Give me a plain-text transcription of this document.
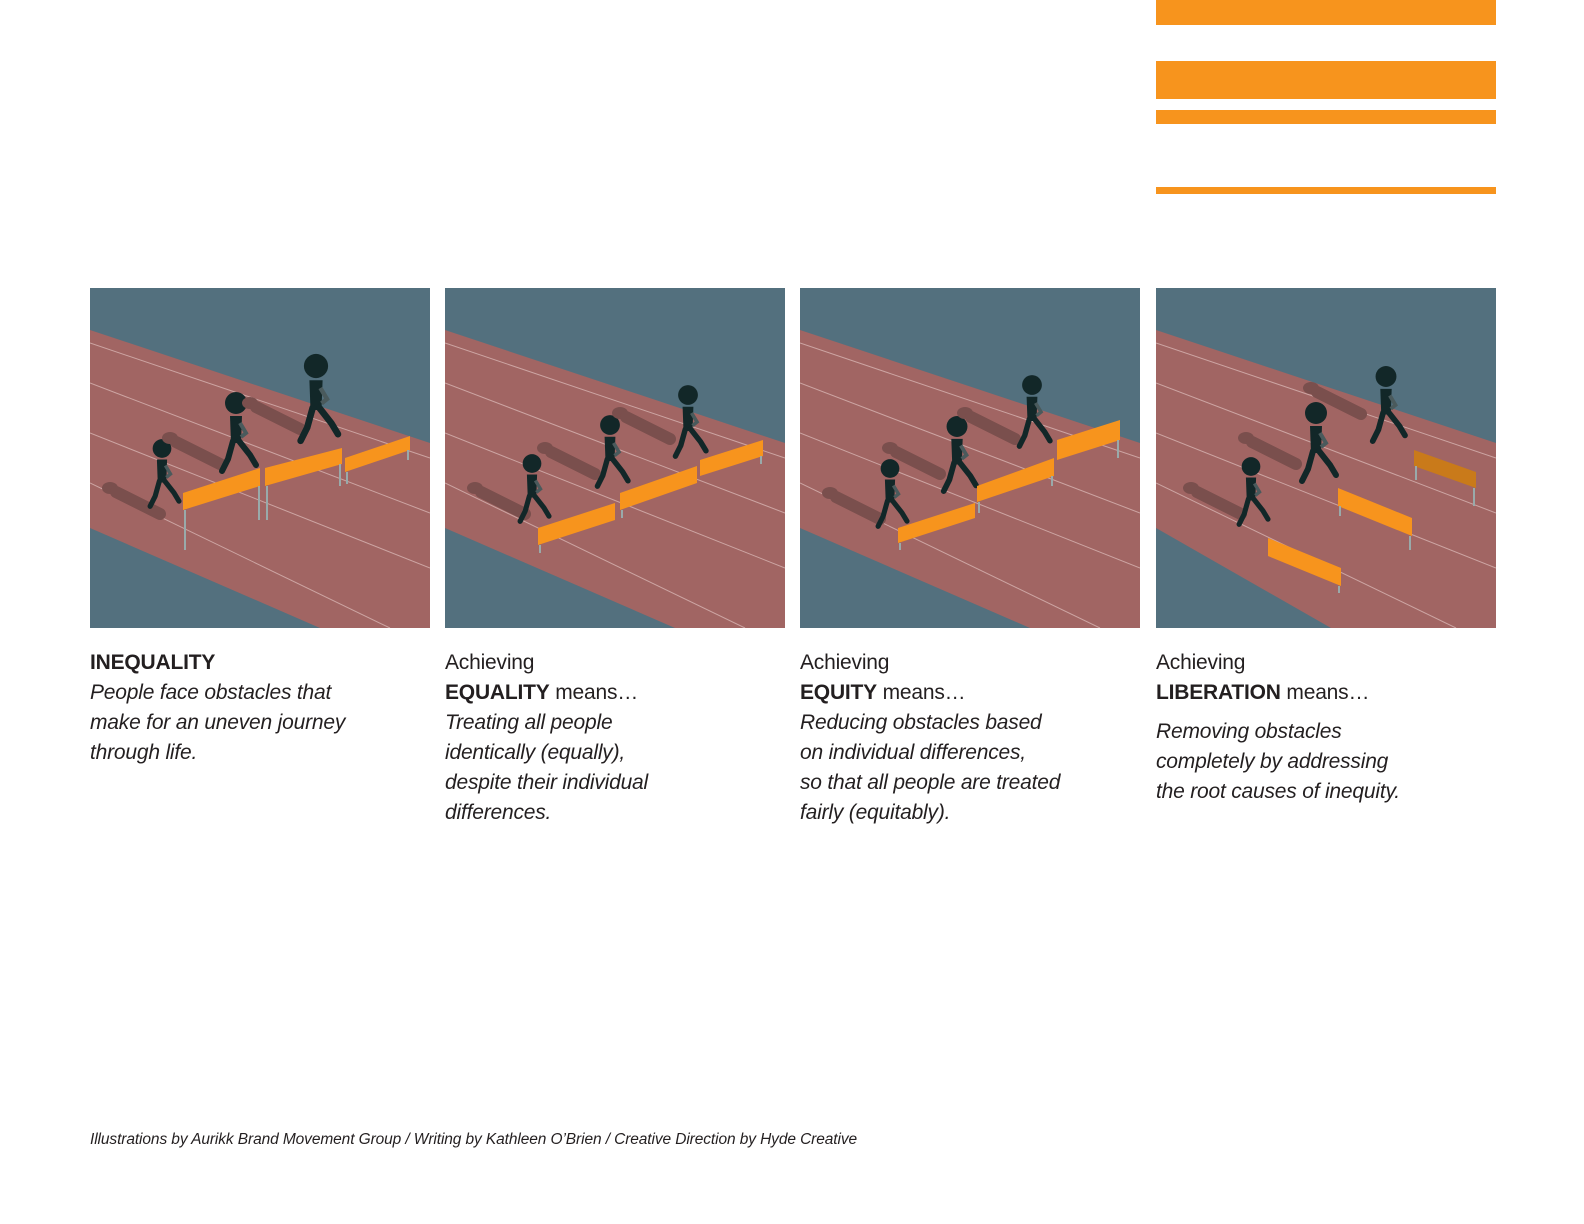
INEQUALITY
People face obstacles that
make for an uneven journey
through life.
Achieving
EQUALITY means…
Treating all people
identically (equally),
despite their individual
differences.
Achieving
EQUITY means…
Reducing obstacles based
on individual differences,
so that all people are treated
fairly (equitably).
Achieving
LIBERATION means…
Removing obstacles
completely by addressing
the root causes of inequity.
Illustrations by Aurikk Brand Movement Group / Writing by Kathleen O’Brien / Creative Direction by Hyde Creative
